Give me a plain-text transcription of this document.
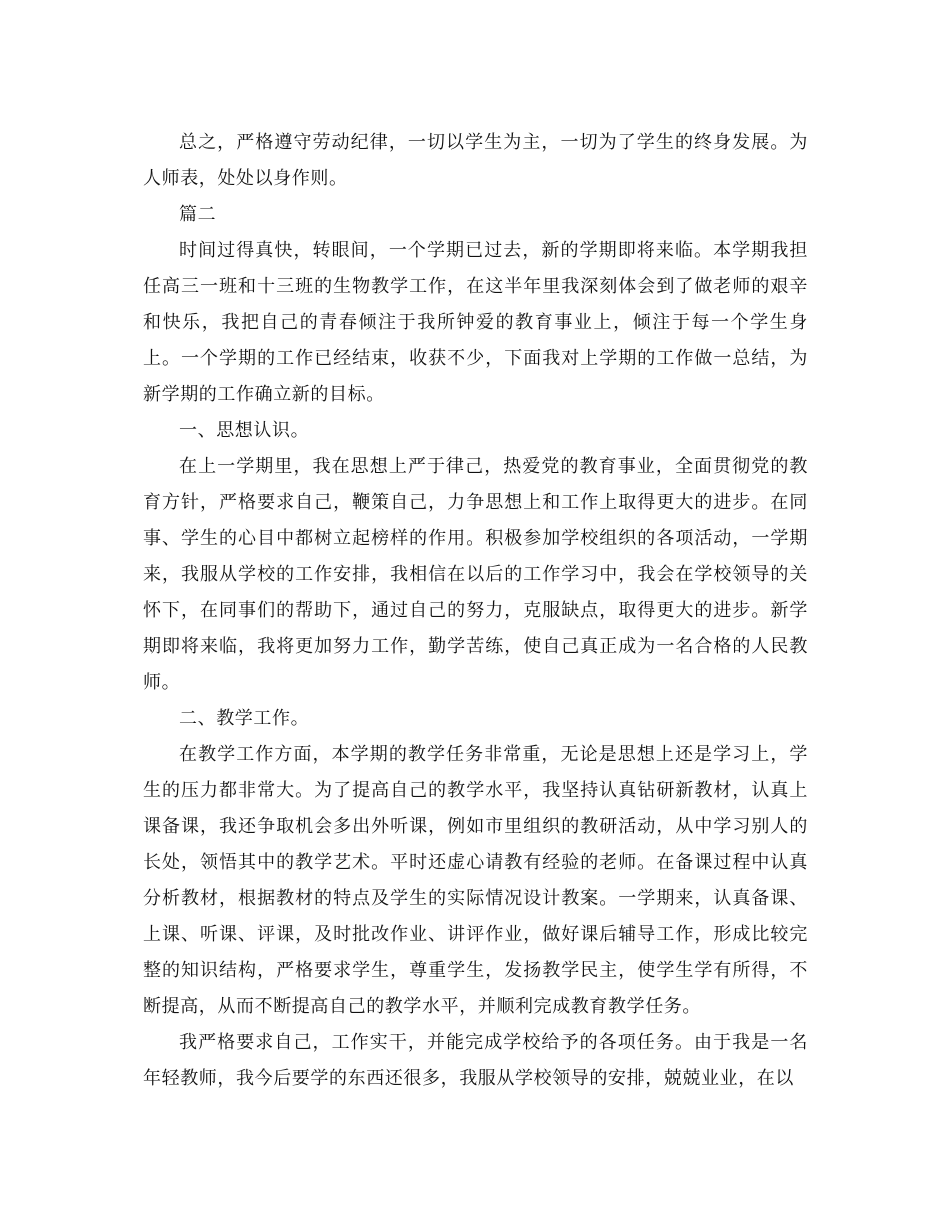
总之，严格遵守劳动纪律，一切以学生为主，一切为了学生的终身发展。为人师表，处处以身作则。

篇二

时间过得真快，转眼间，一个学期已过去，新的学期即将来临。本学期我担任高三一班和十三班的生物教学工作，在这半年里我深刻体会到了做老师的艰辛和快乐，我把自己的青春倾注于我所钟爱的教育事业上，倾注于每一个学生身上。一个学期的工作已经结束，收获不少，下面我对上学期的工作做一总结，为新学期的工作确立新的目标。

一、思想认识。

在上一学期里，我在思想上严于律己，热爱党的教育事业，全面贯彻党的教育方针，严格要求自己，鞭策自己，力争思想上和工作上取得更大的进步。在同事、学生的心目中都树立起榜样的作用。积极参加学校组织的各项活动，一学期来，我服从学校的工作安排，我相信在以后的工作学习中，我会在学校领导的关怀下，在同事们的帮助下，通过自己的努力，克服缺点，取得更大的进步。新学期即将来临，我将更加努力工作，勤学苦练，使自己真正成为一名合格的人民教师。

二、教学工作。

在教学工作方面，本学期的教学任务非常重，无论是思想上还是学习上，学生的压力都非常大。为了提高自己的教学水平，我坚持认真钻研新教材，认真上课备课，我还争取机会多出外听课，例如市里组织的教研活动，从中学习别人的长处，领悟其中的教学艺术。平时还虚心请教有经验的老师。在备课过程中认真分析教材，根据教材的特点及学生的实际情况设计教案。一学期来，认真备课、上课、听课、评课，及时批改作业、讲评作业，做好课后辅导工作，形成比较完整的知识结构，严格要求学生，尊重学生，发扬教学民主，使学生学有所得，不断提高，从而不断提高自己的教学水平，并顺利完成教育教学任务。

我严格要求自己，工作实干，并能完成学校给予的各项任务。由于我是一名年轻教师，我今后要学的东西还很多，我服从学校领导的安排，兢兢业业，在以
